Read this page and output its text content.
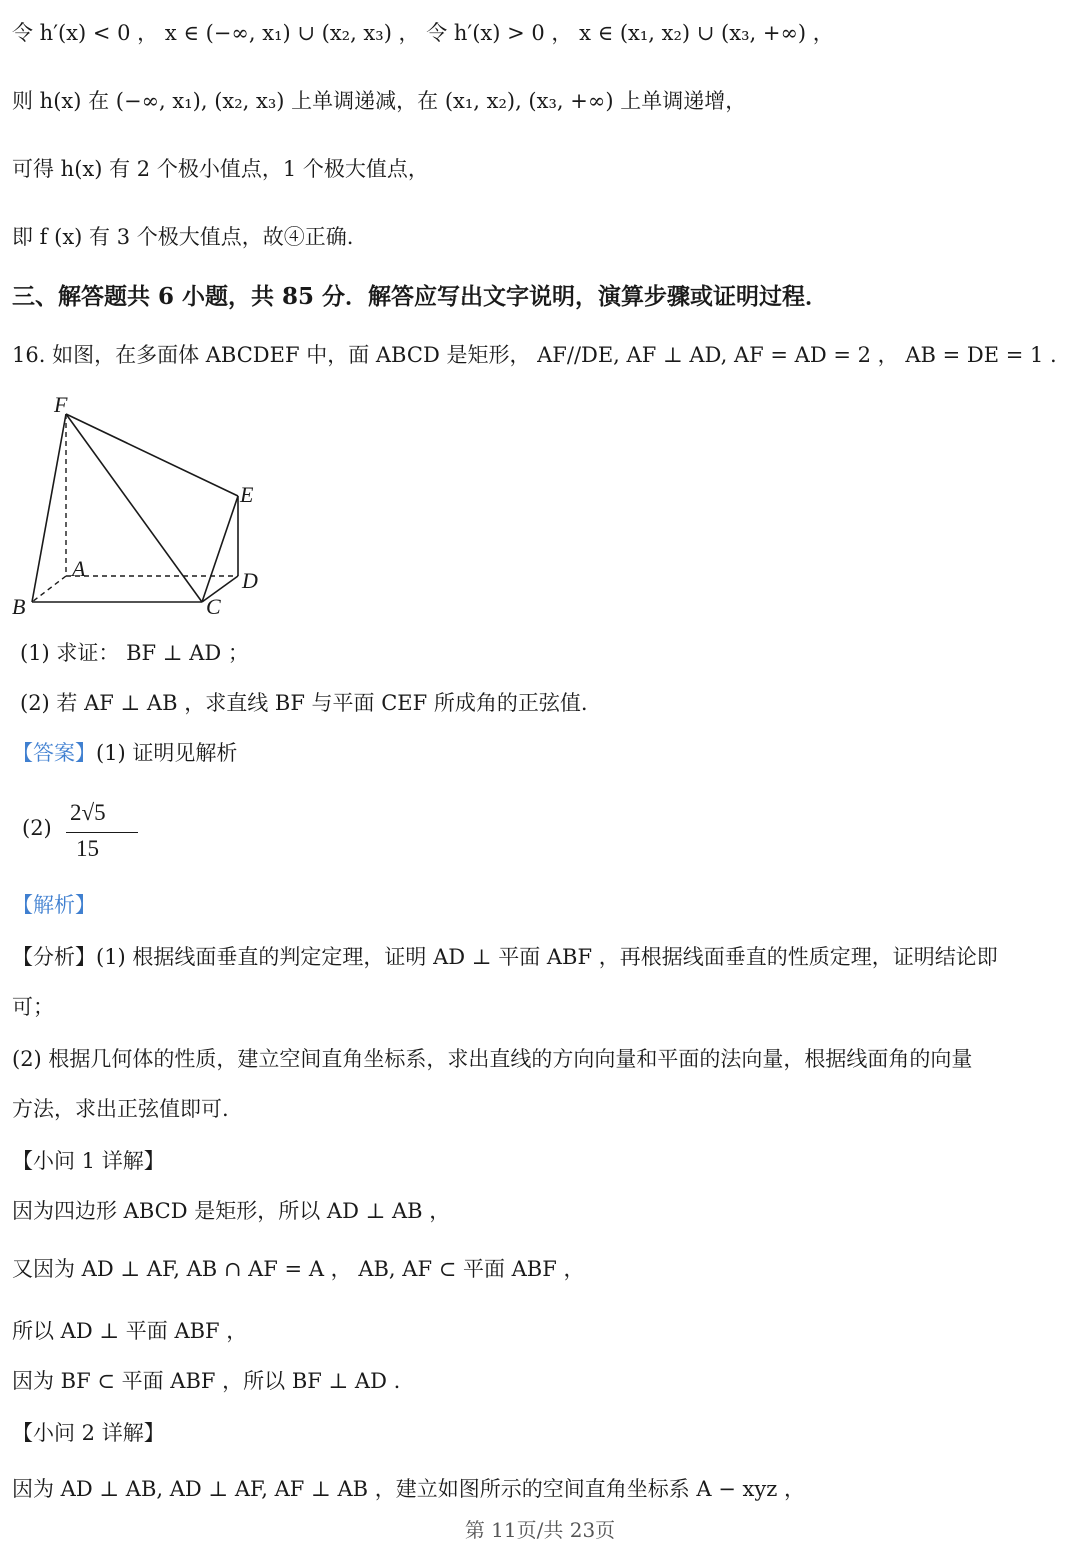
令 h′(x) < 0 ， x ∈ (−∞, x₁) ∪ (x₂, x₃) ， 令 h′(x) > 0 ， x ∈ (x₁, x₂) ∪ (x₃, +∞) ，
则 h(x) 在 (−∞, x₁), (x₂, x₃) 上单调递减，在 (x₁, x₂), (x₃, +∞) 上单调递增，
可得 h(x) 有 2 个极小值点，1 个极大值点，
即 f (x) 有 3 个极大值点，故④正确.
三、解答题共 6 小题，共 85 分．解答应写出文字说明，演算步骤或证明过程．
16. 如图，在多面体 ABCDEF 中，面 ABCD 是矩形， AF//DE, AF ⊥ AD, AF = AD = 2 ， AB = DE = 1 .
F
E
A	D
B	C
(1) 求证： BF ⊥ AD ；
(2) 若 AF ⊥ AB ，求直线 BF 与平面 CEF 所成角的正弦值.
【答案】(1) 证明见解析
(2)
2√5
15
【解析】
【分析】(1) 根据线面垂直的判定定理，证明 AD ⊥ 平面 ABF ，再根据线面垂直的性质定理，证明结论即
可；
(2) 根据几何体的性质，建立空间直角坐标系，求出直线的方向向量和平面的法向量，根据线面角的向量
方法，求出正弦值即可.
【小问 1 详解】
因为四边形 ABCD 是矩形，所以 AD ⊥ AB ，
又因为 AD ⊥ AF, AB ∩ AF = A ， AB, AF ⊂ 平面 ABF ，
所以 AD ⊥ 平面 ABF ，
因为 BF ⊂ 平面 ABF ，所以 BF ⊥ AD .
【小问 2 详解】
因为 AD ⊥ AB, AD ⊥ AF, AF ⊥ AB ，建立如图所示的空间直角坐标系 A − xyz ，
第 11页/共 23页
